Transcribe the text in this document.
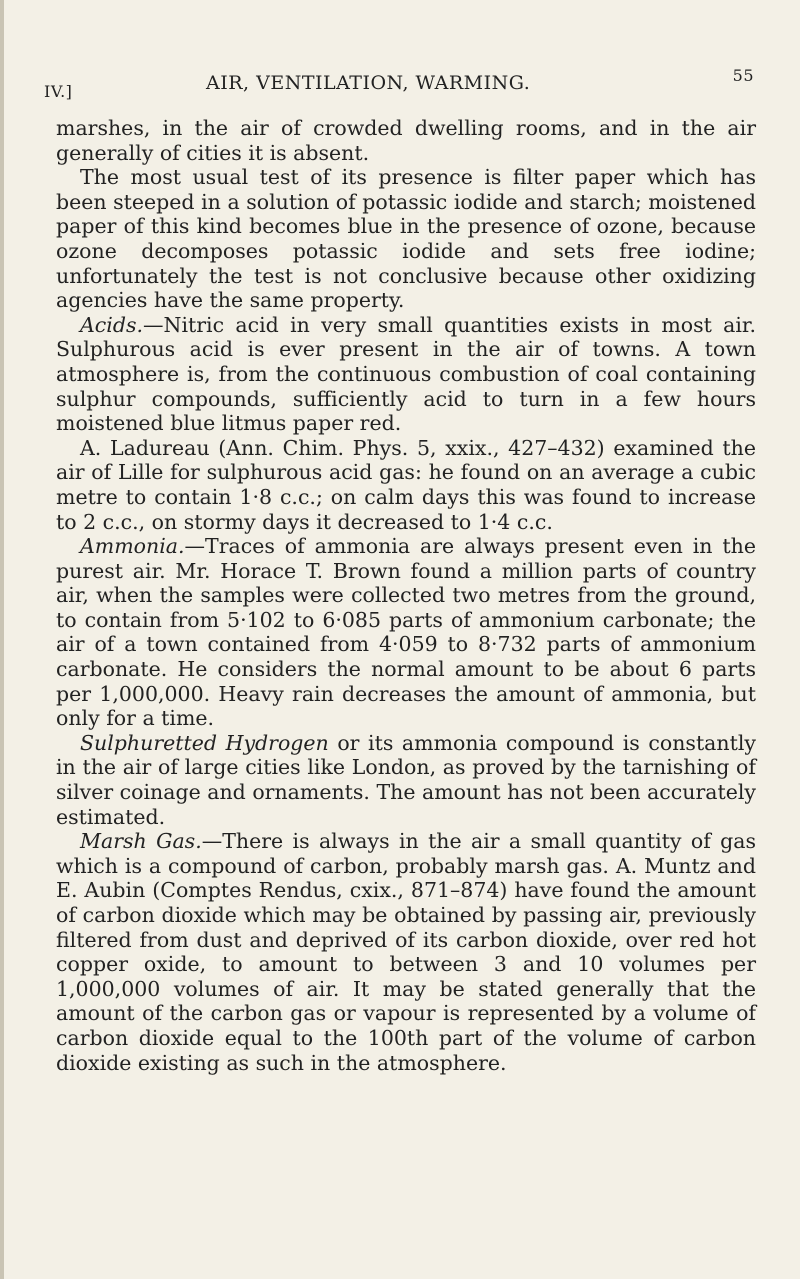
IV.]	AIR, VENTILATION, WARMING.	55

marshes, in the air of crowded dwelling rooms, and in the air generally of cities it is absent.

The most usual test of its presence is filter paper which has been steeped in a solution of potassic iodide and starch; moistened paper of this kind becomes blue in the presence of ozone, because ozone decomposes potassic iodide and sets free iodine; unfortunately the test is not conclusive because other oxidizing agencies have the same property.

Acids.—Nitric acid in very small quantities exists in most air. Sulphurous acid is ever present in the air of towns. A town atmosphere is, from the continuous combustion of coal containing sulphur compounds, sufficiently acid to turn in a few hours moistened blue litmus paper red.

A. Ladureau (Ann. Chim. Phys. 5, xxix., 427–432) examined the air of Lille for sulphurous acid gas: he found on an average a cubic metre to contain 1·8 c.c.; on calm days this was found to increase to 2 c.c., on stormy days it decreased to 1·4 c.c.

Ammonia.—Traces of ammonia are always present even in the purest air. Mr. Horace T. Brown found a million parts of country air, when the samples were collected two metres from the ground, to contain from 5·102 to 6·085 parts of ammonium carbonate; the air of a town contained from 4·059 to 8·732 parts of ammonium carbonate. He considers the normal amount to be about 6 parts per 1,000,000. Heavy rain decreases the amount of ammonia, but only for a time.

Sulphuretted Hydrogen or its ammonia compound is constantly in the air of large cities like London, as proved by the tarnishing of silver coinage and ornaments. The amount has not been accurately estimated.

Marsh Gas.—There is always in the air a small quantity of gas which is a compound of carbon, probably marsh gas. A. Muntz and E. Aubin (Comptes Rendus, cxix., 871–874) have found the amount of carbon dioxide which may be obtained by passing air, previously filtered from dust and deprived of its carbon dioxide, over red hot copper oxide, to amount to between 3 and 10 volumes per 1,000,000 volumes of air. It may be stated generally that the amount of the carbon gas or vapour is represented by a volume of carbon dioxide equal to the 100th part of the volume of carbon dioxide existing as such in the atmosphere.
